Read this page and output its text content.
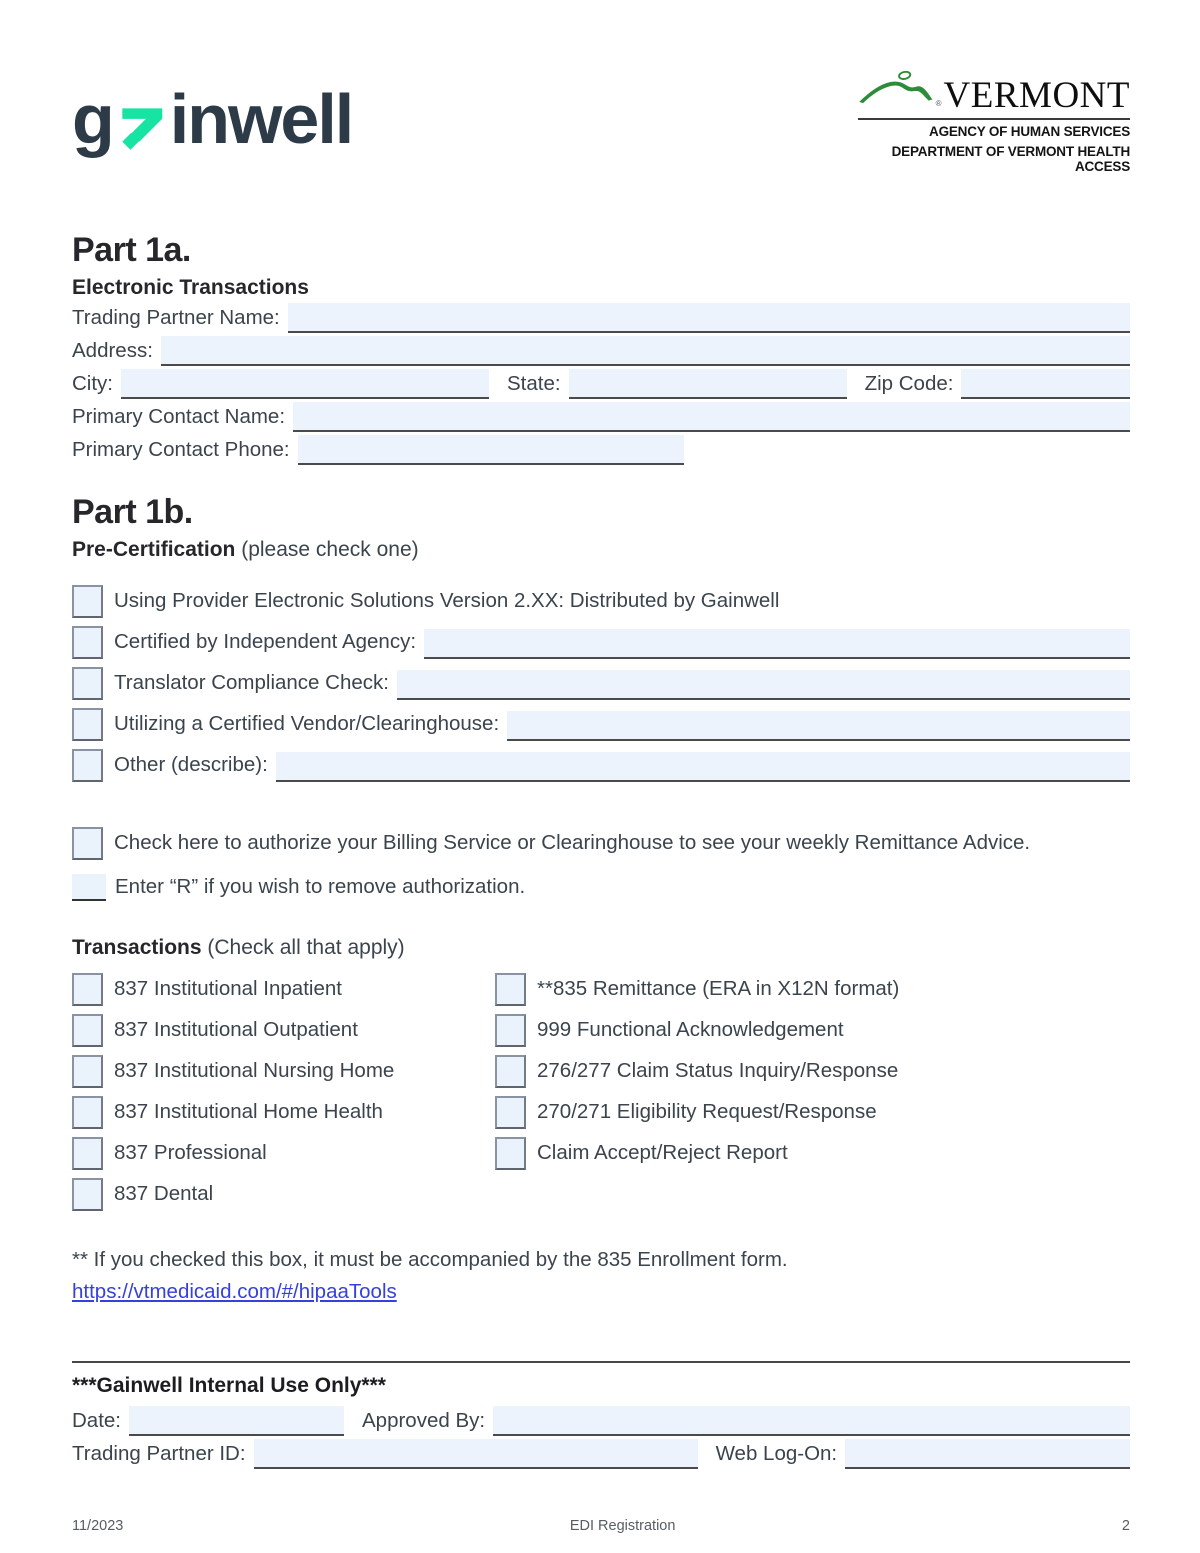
g inwell	® VERMONT
AGENCY OF HUMAN SERVICES
DEPARTMENT OF VERMONT HEALTH ACCESS
Part 1a.
Electronic Transactions
Trading Partner Name:
Address:
City:	State:	Zip Code:
Primary Contact Name:
Primary Contact Phone:
Part 1b.
Pre-Certification (please check one)
Using Provider Electronic Solutions Version 2.XX: Distributed by Gainwell
Certified by Independent Agency:
Translator Compliance Check:
Utilizing a Certified Vendor/Clearinghouse:
Other (describe):
Check here to authorize your Billing Service or Clearinghouse to see your weekly Remittance Advice.
Enter “R” if you wish to remove authorization.
Transactions (Check all that apply)
837 Institutional Inpatient
837 Institutional Outpatient
837 Institutional Nursing Home
837 Institutional Home Health
837 Professional
837 Dental
**835 Remittance (ERA in X12N format)
999 Functional Acknowledgement
276/277 Claim Status Inquiry/Response
270/271 Eligibility Request/Response
Claim Accept/Reject Report
** If you checked this box, it must be accompanied by the 835 Enrollment form.
https://vtmedicaid.com/#/hipaaTools
***Gainwell Internal Use Only***
Date:	Approved By:
Trading Partner ID:	Web Log-On:
11/2023	EDI Registration	2
